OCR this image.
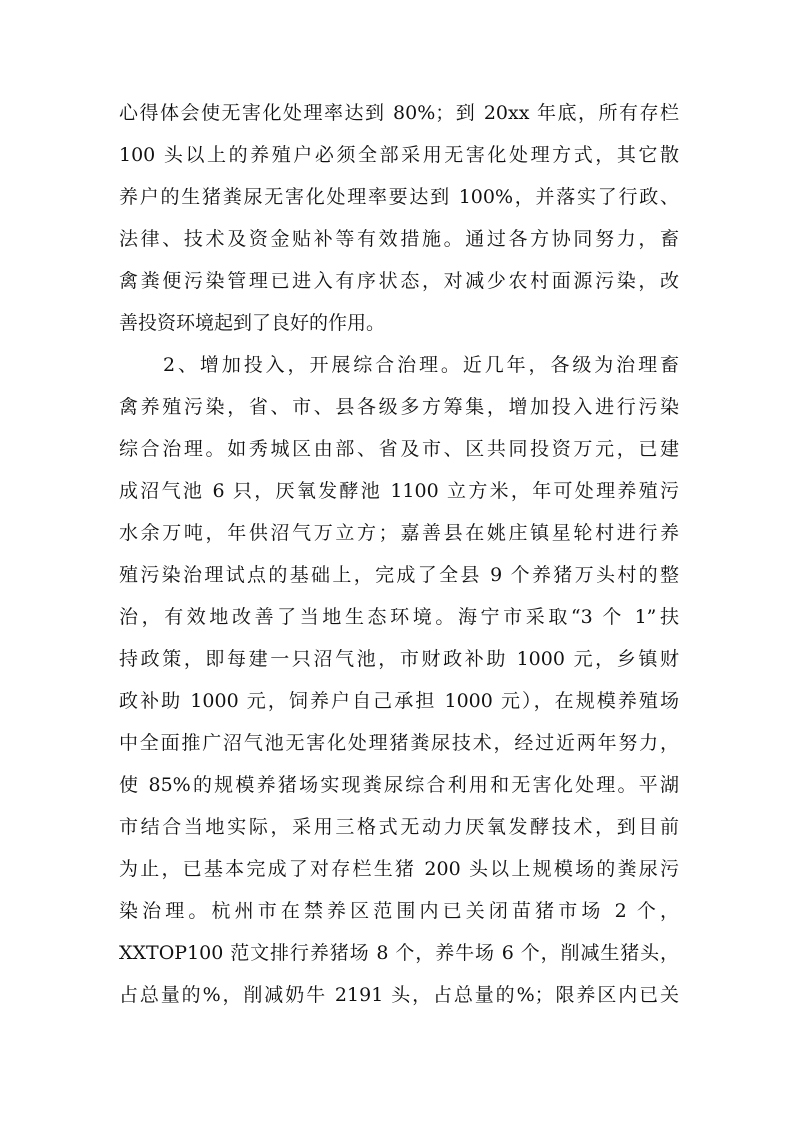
心得体会使无害化处理率达到 80%；到 20xx 年底，所有存栏
100 头以上的养殖户必须全部采用无害化处理方式，其它散
养户的生猪粪尿无害化处理率要达到 100%，并落实了行政、
法律、技术及资金贴补等有效措施。通过各方协同努力，畜
禽粪便污染管理已进入有序状态，对减少农村面源污染，改
善投资环境起到了良好的作用。
2、增加投入，开展综合治理。近几年，各级为治理畜
禽养殖污染，省、市、县各级多方筹集，增加投入进行污染
综合治理。如秀城区由部、省及市、区共同投资万元，已建
成沼气池 6 只，厌氧发酵池 1100 立方米，年可处理养殖污
水余万吨，年供沼气万立方；嘉善县在姚庄镇星轮村进行养
殖污染治理试点的基础上，完成了全县 9 个养猪万头村的整
治，有效地改善了当地生态环境。海宁市采取“3 个 1”扶
持政策，即每建一只沼气池，市财政补助 1000 元，乡镇财
政补助 1000 元，饲养户自己承担 1000 元），在规模养殖场
中全面推广沼气池无害化处理猪粪尿技术，经过近两年努力，
使 85%的规模养猪场实现粪尿综合利用和无害化处理。平湖
市结合当地实际，采用三格式无动力厌氧发酵技术，到目前
为止，已基本完成了对存栏生猪 200 头以上规模场的粪尿污
染治理。杭州市在禁养区范围内已关闭苗猪市场 2 个，
XXTOP100 范文排行养猪场 8 个，养牛场 6 个，削减生猪头，
占总量的%，削减奶牛 2191 头，占总量的%；限养区内已关
